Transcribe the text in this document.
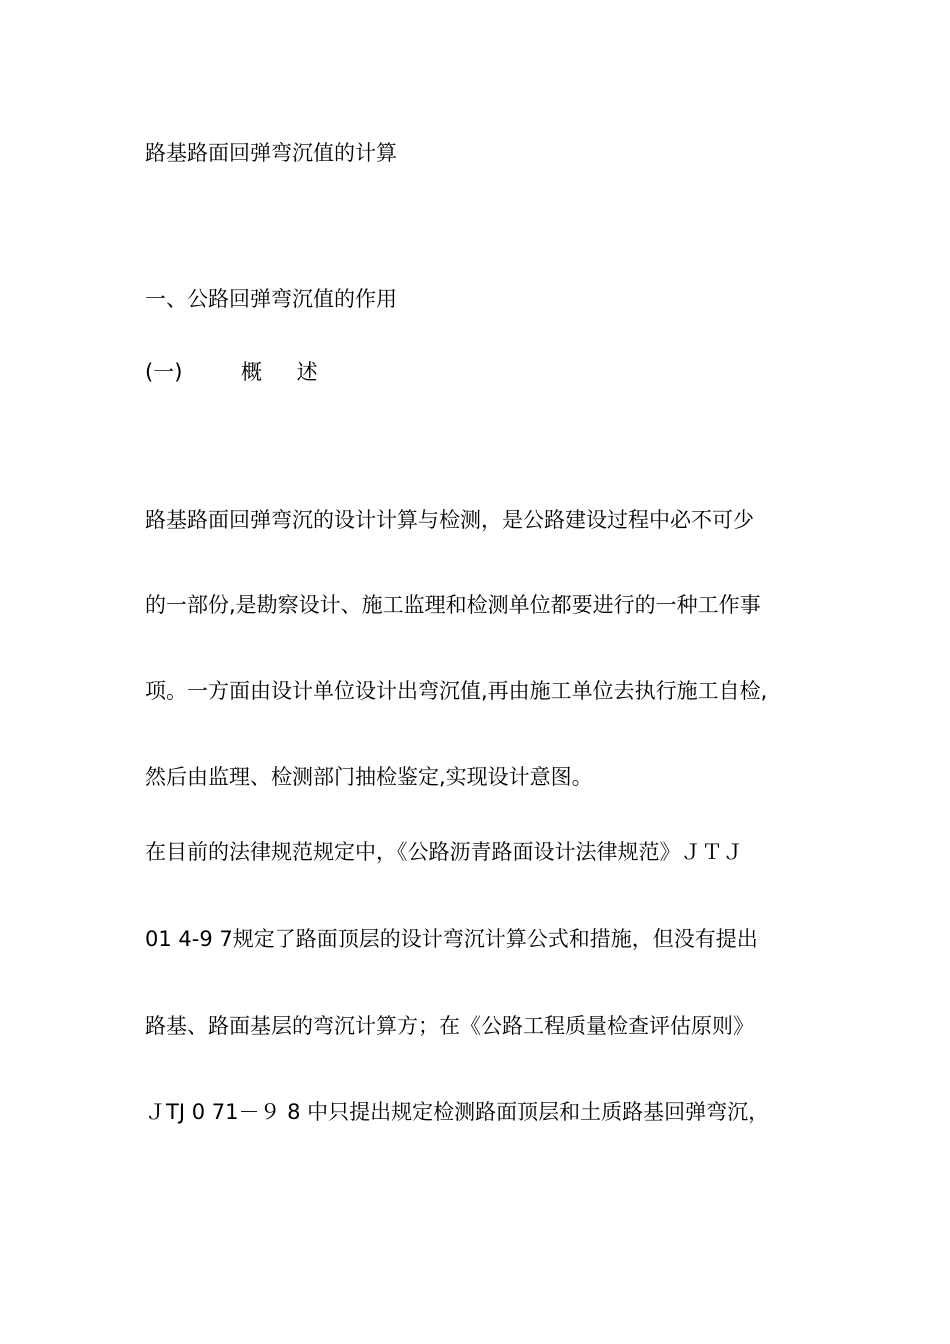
路基路面回弹弯沉值的计算
一、公路回弹弯沉值的作用
(一)	概 述
路基路面回弹弯沉的设计计算与检测，是公路建设过程中必不可少
的一部份,是勘察设计、施工监理和检测单位都要进行的一种工作事
项。一方面由设计单位设计出弯沉值,再由施工单位去执行施工自检,
然后由监理、检测部门抽检鉴定,实现设计意图。
在目前的法律规范规定中，《公路沥青路面设计法律规范》ＪＴＪ
01 4-9 7规定了路面顶层的设计弯沉计算公式和措施，但没有提出
路基、路面基层的弯沉计算方；在《公路工程质量检查评估原则》
ＪTJ 0 71－９ 8 中只提出规定检测路面顶层和土质路基回弹弯沉，
